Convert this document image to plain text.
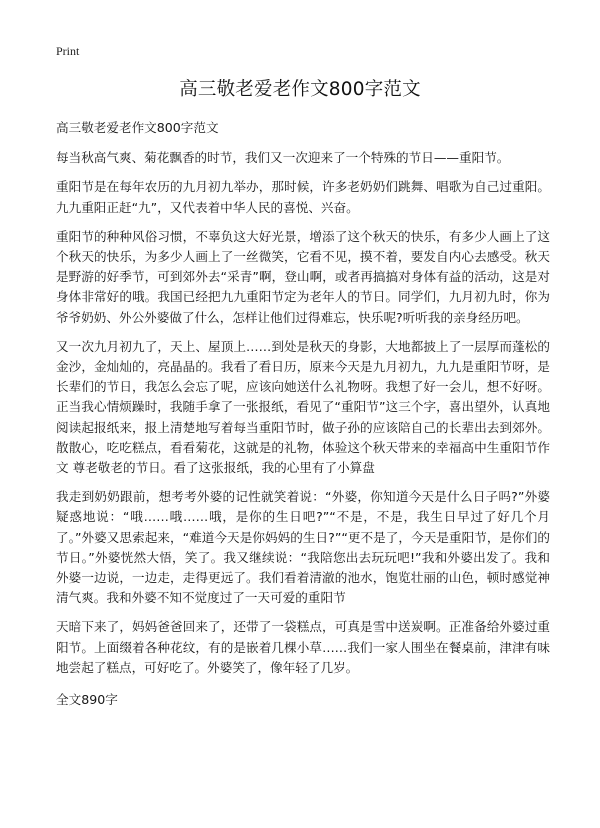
Print
高三敬老爱老作文800字范文

高三敬老爱老作文800字范文

每当秋高气爽、菊花飘香的时节，我们又一次迎来了一个特殊的节日——重阳节。

重阳节是在每年农历的九月初九举办，那时候，许多老奶奶们跳舞、唱歌为自己过重阳。九九重阳正赶“九”，又代表着中华人民的喜悦、兴奋。

重阳节的种种风俗习惯，不辜负这大好光景，增添了这个秋天的快乐，有多少人画上了这个秋天的快乐，为多少人画上了一丝微笑，它看不见，摸不着，要发自内心去感受。秋天是野游的好季节，可到郊外去“采青”啊，登山啊，或者再搞搞对身体有益的活动，这是对身体非常好的哦。我国已经把九九重阳节定为老年人的节日。同学们，九月初九时，你为爷爷奶奶、外公外婆做了什么，怎样让他们过得难忘，快乐呢?听听我的亲身经历吧。

又一次九月初九了，天上、屋顶上……到处是秋天的身影，大地都披上了一层厚而蓬松的金沙，金灿灿的，亮晶晶的。我看了看日历，原来今天是九月初九，九九是重阳节呀，是长辈们的节日，我怎么会忘了呢，应该向她送什么礼物呀。我想了好一会儿，想不好呀。正当我心情烦躁时，我随手拿了一张报纸，看见了“重阳节”这三个字，喜出望外，认真地阅读起报纸来，报上清楚地写着每当重阳节时，做子孙的应该陪自己的长辈出去到郊外。散散心，吃吃糕点，看看菊花，这就是的礼物，体验这个秋天带来的幸福高中生重阳节作文 尊老敬老的节日。看了这张报纸，我的心里有了小算盘

我走到奶奶跟前，想考考外婆的记性就笑着说：“外婆，你知道今天是什么日子吗?”外婆疑惑地说：“哦……哦……哦，是你的生日吧?”“不是，不是，我生日早过了好几个月了。”外婆又思索起来，“难道今天是你妈妈的生日?”“更不是了，今天是重阳节，是你们的节日。”外婆恍然大悟，笑了。我又继续说：“我陪您出去玩玩吧!”我和外婆出发了。我和外婆一边说，一边走，走得更远了。我们看着清澈的池水，饱览壮丽的山色，顿时感觉神清气爽。我和外婆不知不觉度过了一天可爱的重阳节

天暗下来了，妈妈爸爸回来了，还带了一袋糕点，可真是雪中送炭啊。正准备给外婆过重阳节。上面缀着各种花纹，有的是嵌着几棵小草……我们一家人围坐在餐桌前，津津有味地尝起了糕点，可好吃了。外婆笑了，像年轻了几岁。

全文890字
